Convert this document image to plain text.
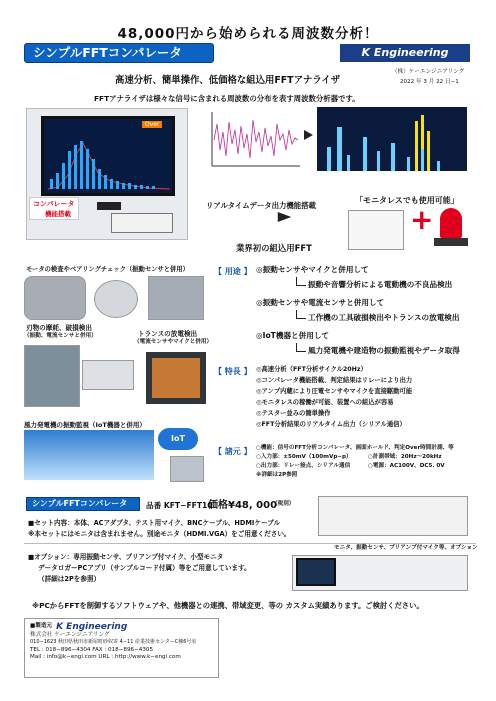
48,000円から始められる周波数分析！
シンプルFFTコンパレータ	K Engineering
高速分析、簡単操作、低価格な組込用FFTアナライザ
（株）ケーエンジニアリング
2022 年 3 月 22 日−1
FFTアナライザは様々な信号に含まれる周波数の分布を表す周波数分析器です。
Over
コンパレータ
機能搭載
リアルタイムデータ出力機能搭載
業界初の組込用FFT
「モニタレスでも使用可能」
+
モータの検査やベアリングチェック（振動センサと併用）
刃物の摩耗、破損検出
（振動、電流センサと併用）	トランスの放電検出
（電流センサやマイクと併用）
風力発電機の振動監視（IoT機器と併用）
IoT
【 用途 】 ◎振動センサやマイクと併用して
振動や音響分析による電動機の不良品検出
◎振動センサや電流センサと併用して
工作機の工具破損検出やトランスの放電検出
◎IoT機器と併用して
風力発電機や建造物の振動監視やデータ取得
【 特長 】 ◎高速分析（FFT分析サイクル20Hz）
◎コンパレータ機能搭載、判定結果はリレーにより出力
◎アンプ内蔵により圧電センサやマイクを直接駆動可能
◎モニタレスの稼働が可能、装置への組込が容易
◎テスター並みの簡単操作
◎FFT分析結果のリアルタイム出力（シリアル通信）
【 諸元 】 ○機能：信号のFFT分析コンパレータ、画面ホールド、判定Over時間計測、等
○入力部：±50mV（100mVp−p）	○計測帯域：20Hz〜20kHz
○出力部：リレー接点、シリアル通信	○電源：AC100V、DC5. 0V
※詳細は2P参照
シンプルFFTコンパレータ	品番 KFT−FFT10
価格¥48, 000
（税別）
■セット内容：本体、ACアダプタ、テスト用マイク、BNCケーブル、HDMIケーブル
※本セットにはモニタは含まれません。別途モニタ（HDMI.VGA）をご用意ください。
モニタ、振動センサ、プリアンプ付マイク等、オプション
■オプション：専用振動センサ、プリアンプ付マイク、小型モニタ
データロガーPCアプリ（サンプルコード付属）等をご用意しています。
（詳細は2Pを参照）
※PCからFFTを制御するソフトウェアや、他機器との連携、帯域変更、等の カスタム実績あります。ご検討ください。
■製造元 K Engineering
株式会社 ケーエンジニアリング
010−1623 秋田県秋田市新屋町砂奴寄 4−11 産業技術センターC棟6号室
TEL : 018−896−4304 FAX : 018−896−4305
Mail : info@k−engi.com URL : http://www.k−engi.com
